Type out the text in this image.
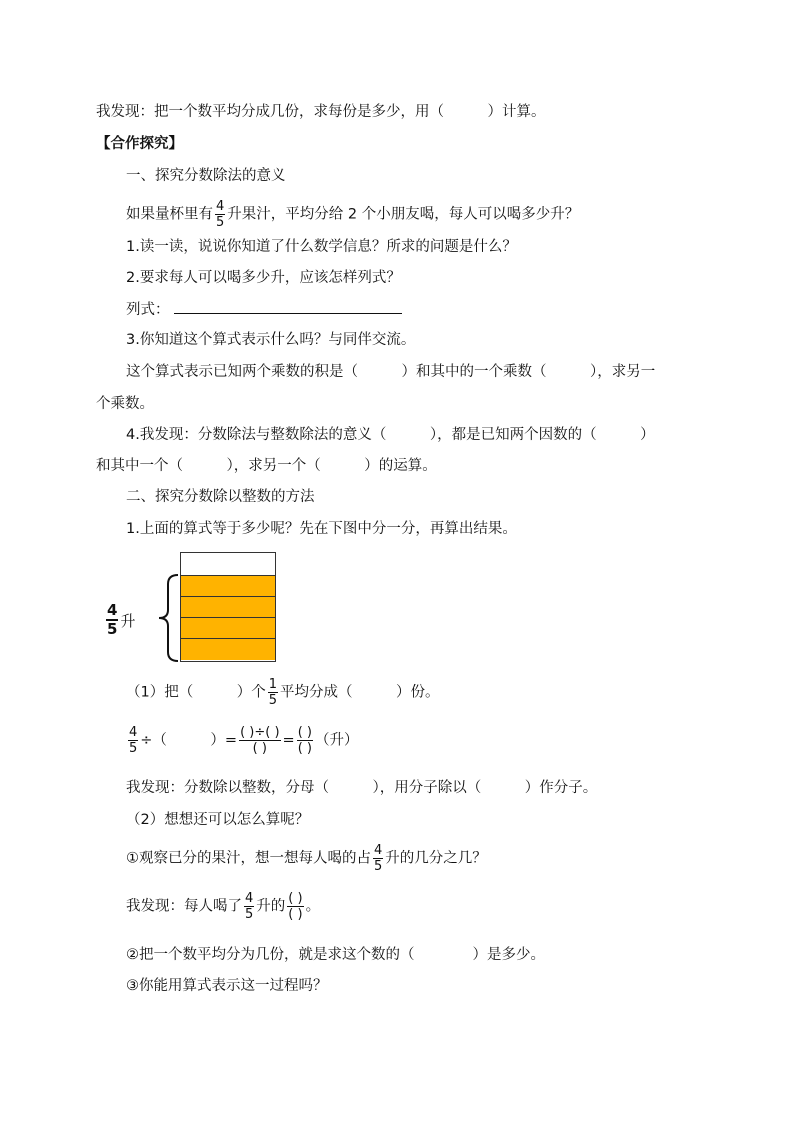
我发现：把一个数平均分成几份，求每份是多少，用（　　　）计算。
【合作探究】
一、探究分数除法的意义
如果量杯里有 $\frac{4}{5}$ 升果汁，平均分给 2 个小朋友喝，每人可以喝多少升？
1.读一读，说说你知道了什么数学信息？所求的问题是什么？
2.要求每人可以喝多少升，应该怎样列式？
列式：
3.你知道这个算式表示什么吗？与同伴交流。
这个算式表示已知两个乘数的积是（　　　）和其中的一个乘数（　　　），求另一
个乘数。
4.我发现：分数除法与整数除法的意义（　　　），都是已知两个因数的（　　　）
和其中一个（　　　），求另一个（　　　）的运算。
二、探究分数除以整数的方法
1.上面的算式等于多少呢？先在下图中分一分，再算出结果。
$\frac{4}{5}$ 升
（1）把（　　　）个 $\frac{1}{5}$ 平均分成（　　　）份。
$\frac{4}{5}$ ÷（　　　）= $\frac{( )\div( )}{( )} = \frac{( )}{( )}$ （升）
我发现：分数除以整数，分母（　　　），用分子除以（　　　）作分子。
（2）想想还可以怎么算呢？
①观察已分的果汁，想一想每人喝的占 $\frac{4}{5}$ 升的几分之几？
我发现：每人喝了 $\frac{4}{5}$ 升的 $\frac{( )}{( )}$ 。
②把一个数平均分为几份，就是求这个数的（　　　　）是多少。
③你能用算式表示这一过程吗？
